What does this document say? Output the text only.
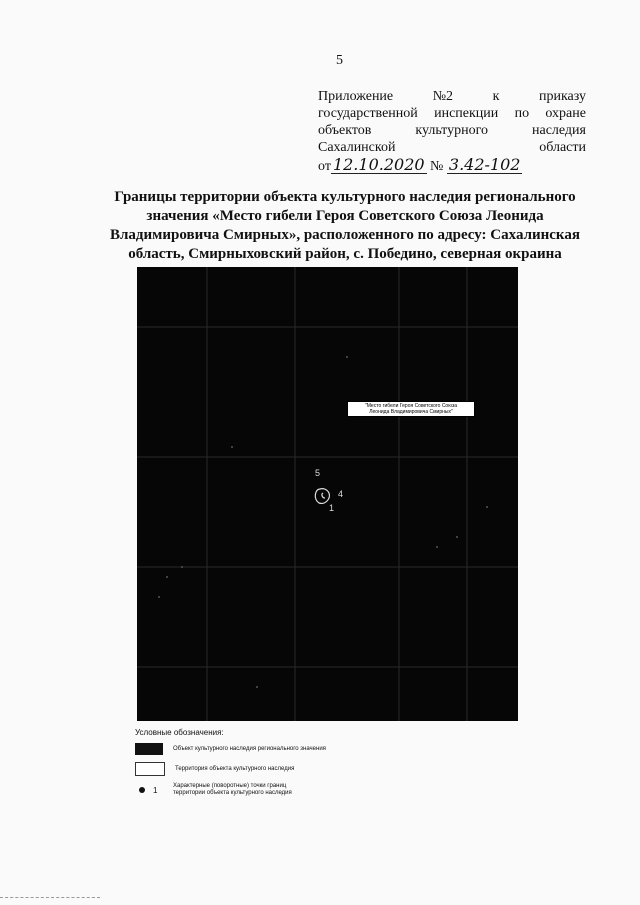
5
Приложение	№2	к	приказу
государственной инспекции по охране
объектов	культурного	наследия
Сахалинской	области
от 12.10.2020 № 3.42-102
Границы территории объекта культурного наследия регионального
значения «Место гибели Героя Советского Союза Леонида
Владимировича Смирных», расположенного по адресу: Сахалинская
область, Смирныховский район, с. Победино, северная окраина
"Место гибели Героя Советского Союза
Леонида Владимировича Смирных"
5
4
1
Условные обозначения:
Объект культурного наследия регионального значения
Территория объекта культурного наследия
1	Характерные (поворотные) точки границ
территории объекта культурного наследия
